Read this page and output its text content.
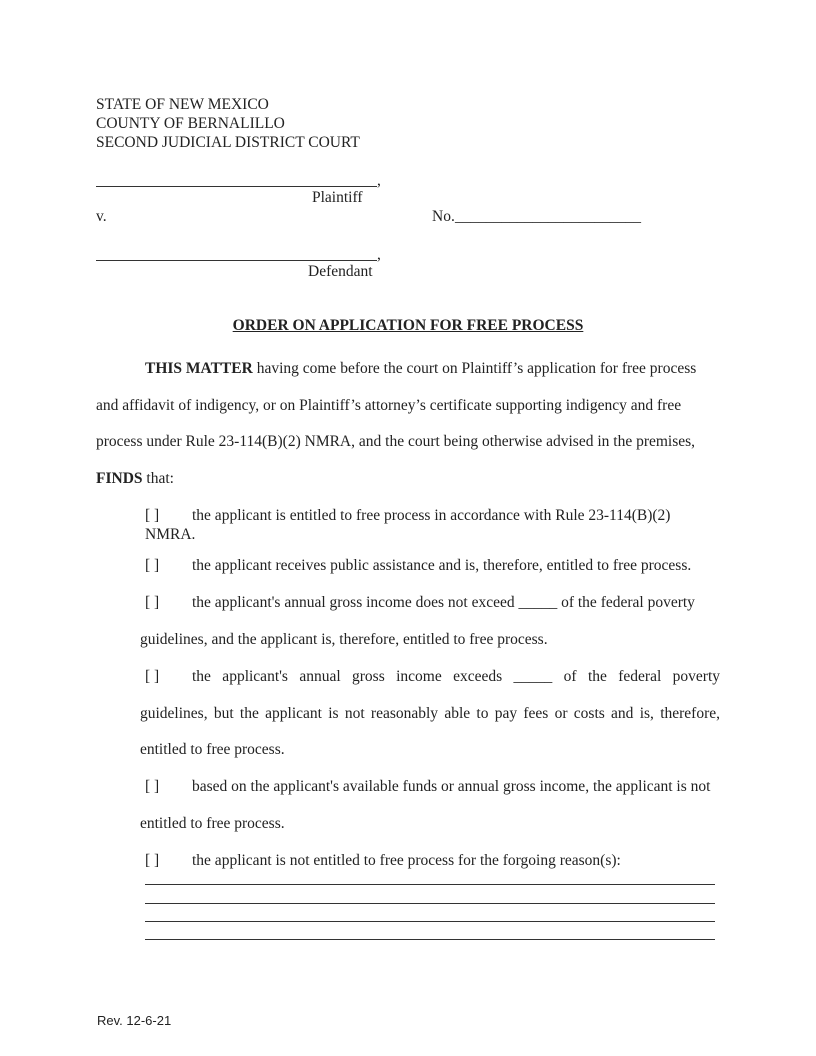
STATE OF NEW MEXICO
COUNTY OF BERNALILLO
SECOND JUDICIAL DISTRICT COURT
,
Plaintiff
v.	No. ________________________
,
Defendant
ORDER ON APPLICATION FOR FREE PROCESS
THIS MATTER having come before the court on Plaintiff’s application for free process
and affidavit of indigency, or on Plaintiff’s attorney’s certificate supporting indigency and free
process under Rule 23-114(B)(2) NMRA, and the court being otherwise advised in the premises,
FINDS that:
[ ] the applicant is entitled to free process in accordance with Rule 23-114(B)(2)
NMRA.
[ ] the applicant receives public assistance and is, therefore, entitled to free process.
[ ] the applicant's annual gross income does not exceed _____ of the federal poverty
guidelines, and the applicant is, therefore, entitled to free process.
[ ] the applicant's annual gross income exceeds _____ of the federal poverty
guidelines, but the applicant is not reasonably able to pay fees or costs and is, therefore,
entitled to free process.
[ ] based on the applicant's available funds or annual gross income, the applicant is not
entitled to free process.
[ ] the applicant is not entitled to free process for the forgoing reason(s):
Rev. 12-6-21
